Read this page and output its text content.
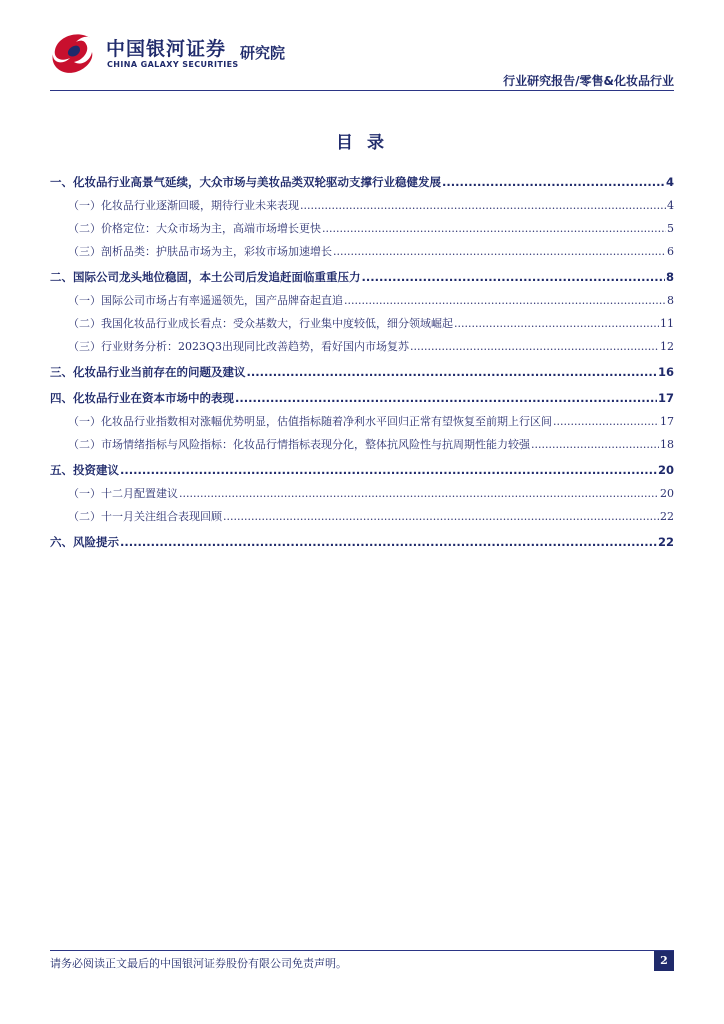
中国银河证券
CHINA GALAXY SECURITIES
研究院
行业研究报告/零售&化妆品行业
目 录
一、化妆品行业高景气延续，大众市场与美妆品类双轮驱动支撑行业稳健发展 .....	4
（一）化妆品行业逐渐回暖，期待行业未来表现 .....	4
（二）价格定位：大众市场为主，高端市场增长更快 .....	5
（三）剖析品类：护肤品市场为主，彩妆市场加速增长 .....	6
二、国际公司龙头地位稳固，本土公司后发追赶面临重重压力 .....	8
（一）国际公司市场占有率遥遥领先，国产品牌奋起直追 .....	8
（二）我国化妆品行业成长看点：受众基数大，行业集中度较低，细分领域崛起 .....	11
（三）行业财务分析：2023Q3出现同比改善趋势，看好国内市场复苏 .....	12
三、化妆品行业当前存在的问题及建议 .....	16
四、化妆品行业在资本市场中的表现 .....	17
（一）化妆品行业指数相对涨幅优势明显，估值指标随着净利水平回归正常有望恢复至前期上行区间 .....	17
（二）市场情绪指标与风险指标：化妆品行情指标表现分化，整体抗风险性与抗周期性能力较强 .....	18
五、投资建议 .....	20
（一）十二月配置建议 .....	20
（二）十一月关注组合表现回顾 .....	22
六、风险提示 .....	22
请务必阅读正文最后的中国银河证券股份有限公司免责声明。	2
